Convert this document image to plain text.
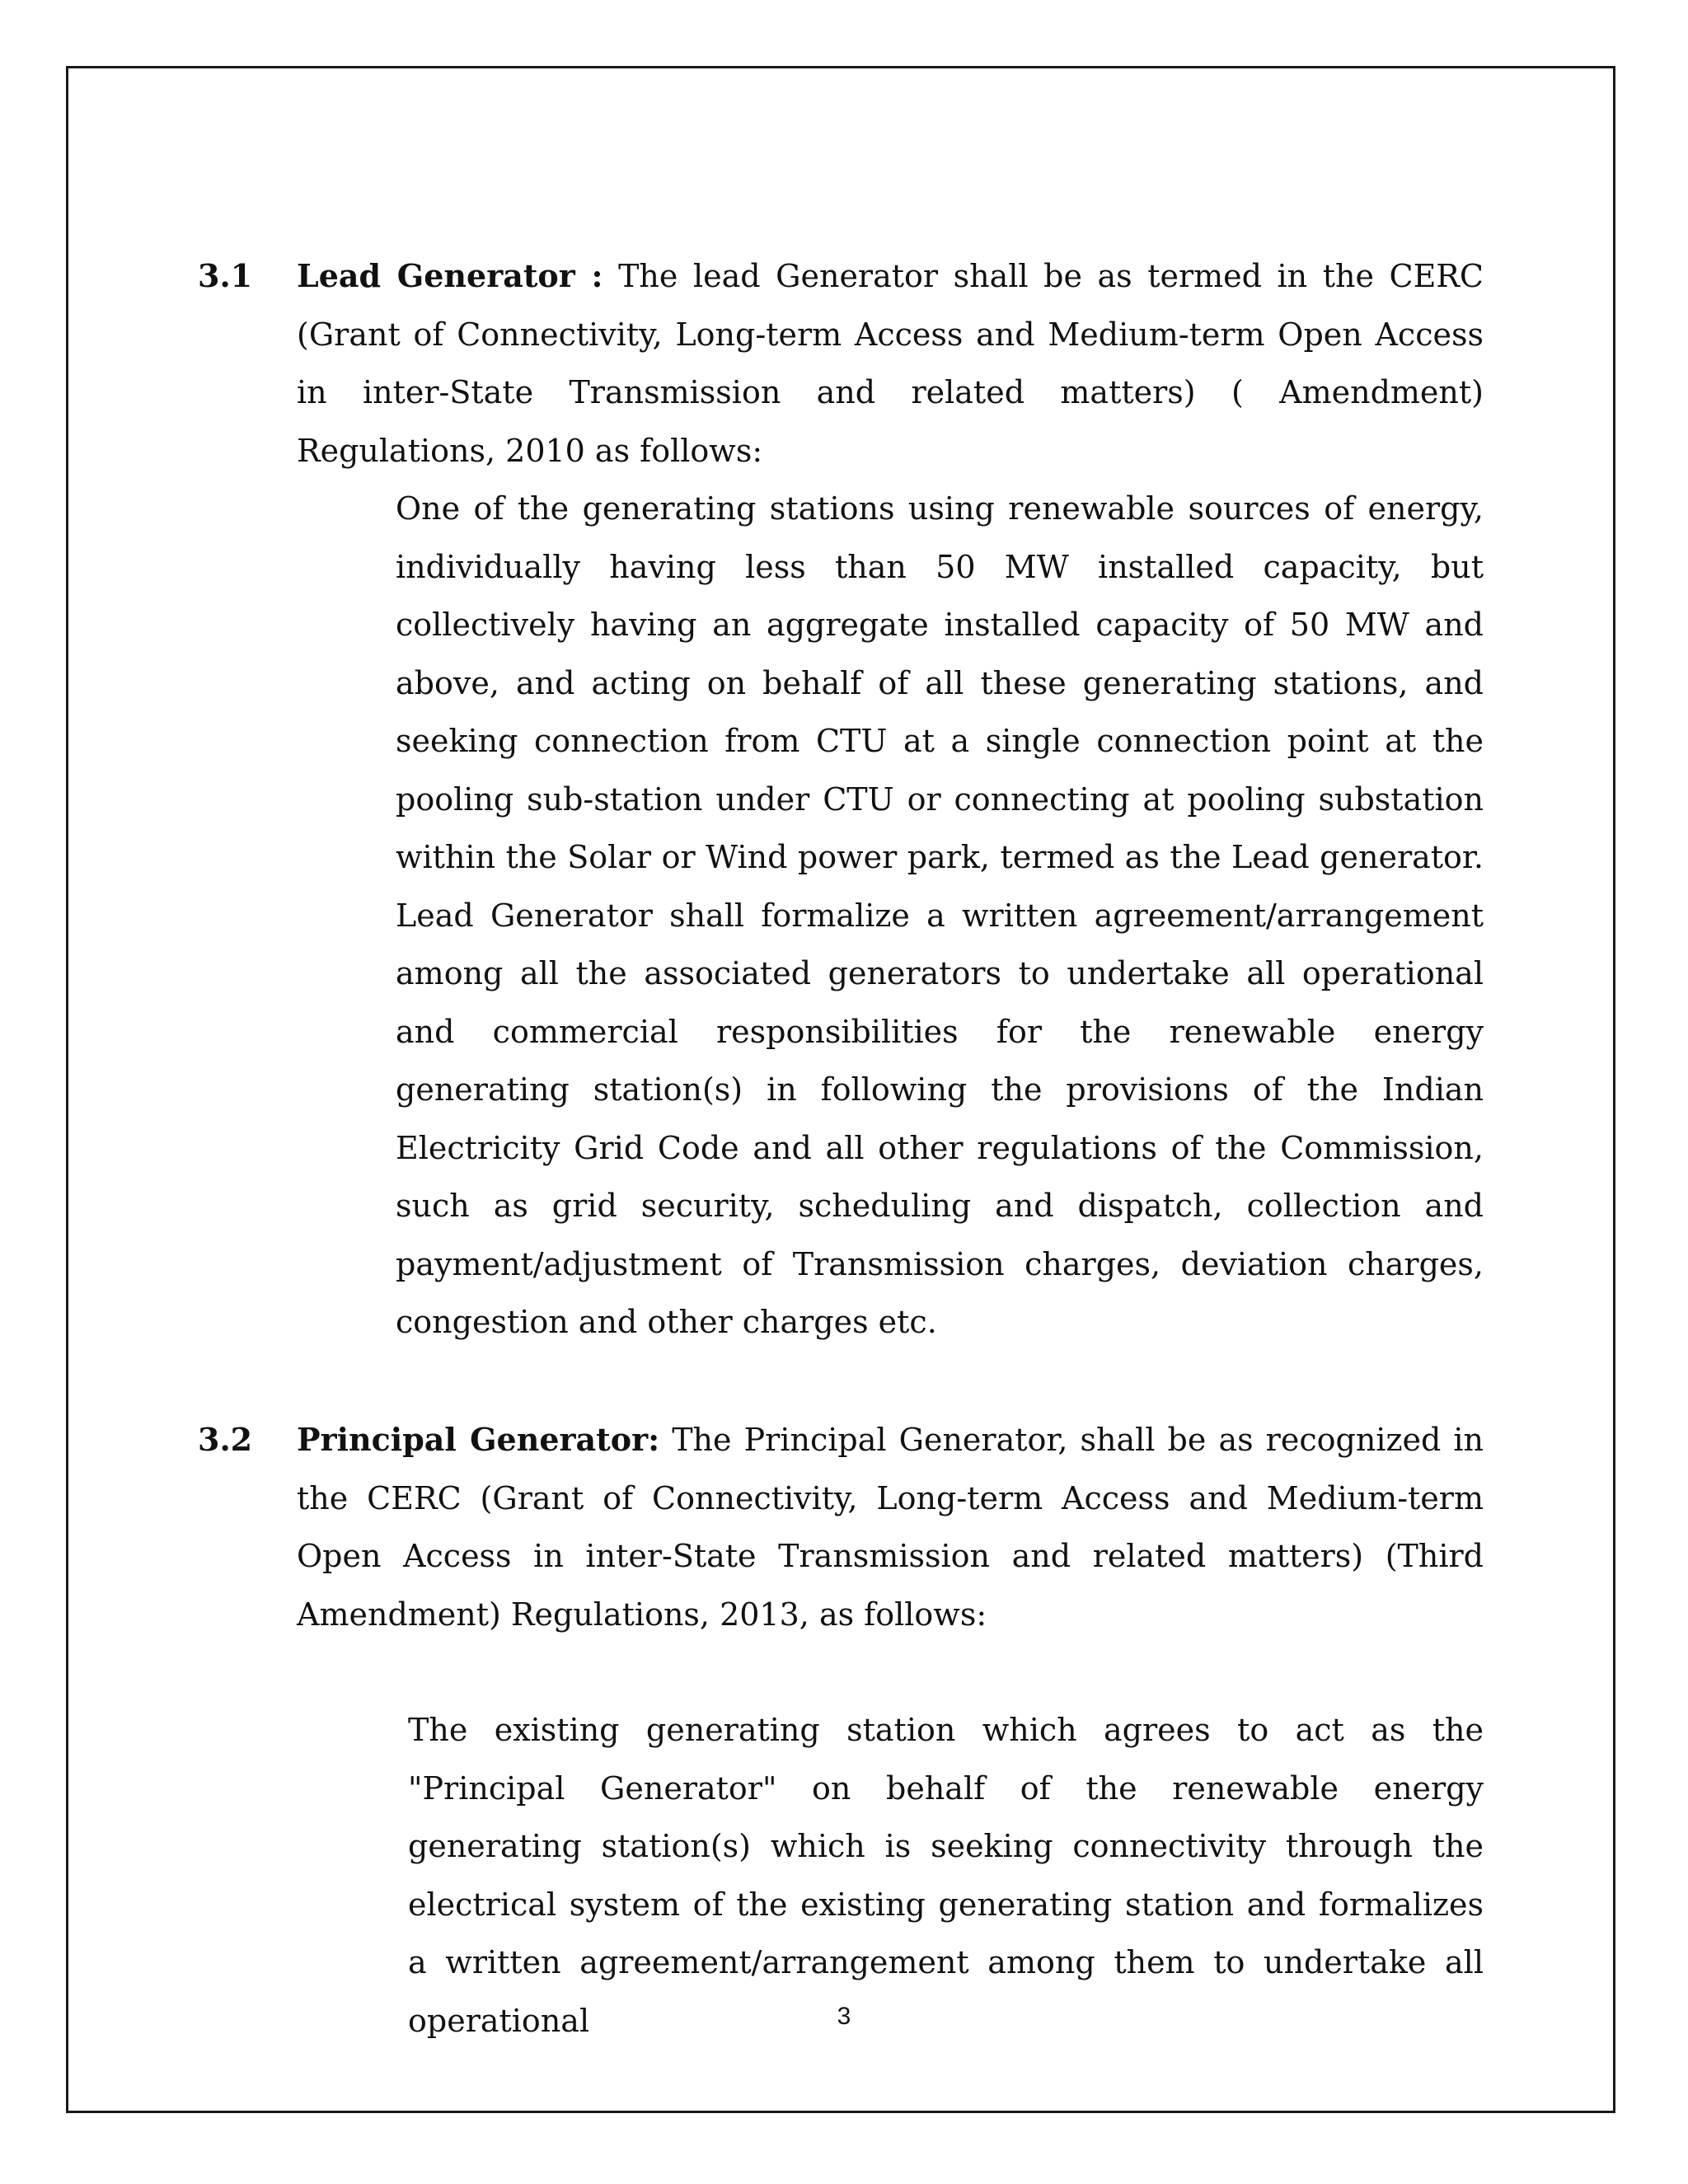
3.1 Lead Generator : The lead Generator shall be as termed in the CERC (Grant of Connectivity, Long-term Access and Medium-term Open Access in inter-State Transmission and related matters) ( Amendment) Regulations, 2010 as follows:
One of the generating stations using renewable sources of energy, individually having less than 50 MW installed capacity, but collectively having an aggregate installed capacity of 50 MW and above, and acting on behalf of all these generating stations, and seeking connection from CTU at a single connection point at the pooling sub-station under CTU or connecting at pooling substation within the Solar or Wind power park, termed as the Lead generator. Lead Generator shall formalize a written agreement/arrangement among all the associated generators to undertake all operational and commercial responsibilities for the renewable energy generating station(s) in following the provisions of the Indian Electricity Grid Code and all other regulations of the Commission, such as grid security, scheduling and dispatch, collection and payment/adjustment of Transmission charges, deviation charges, congestion and other charges etc.
3.2 Principal Generator: The Principal Generator, shall be as recognized in the CERC (Grant of Connectivity, Long-term Access and Medium-term Open Access in inter-State Transmission and related matters) (Third Amendment) Regulations, 2013, as follows:
The existing generating station which agrees to act as the "Principal Generator" on behalf of the renewable energy generating station(s) which is seeking connectivity through the electrical system of the existing generating station and formalizes a written agreement/arrangement among them to undertake all operational	3
